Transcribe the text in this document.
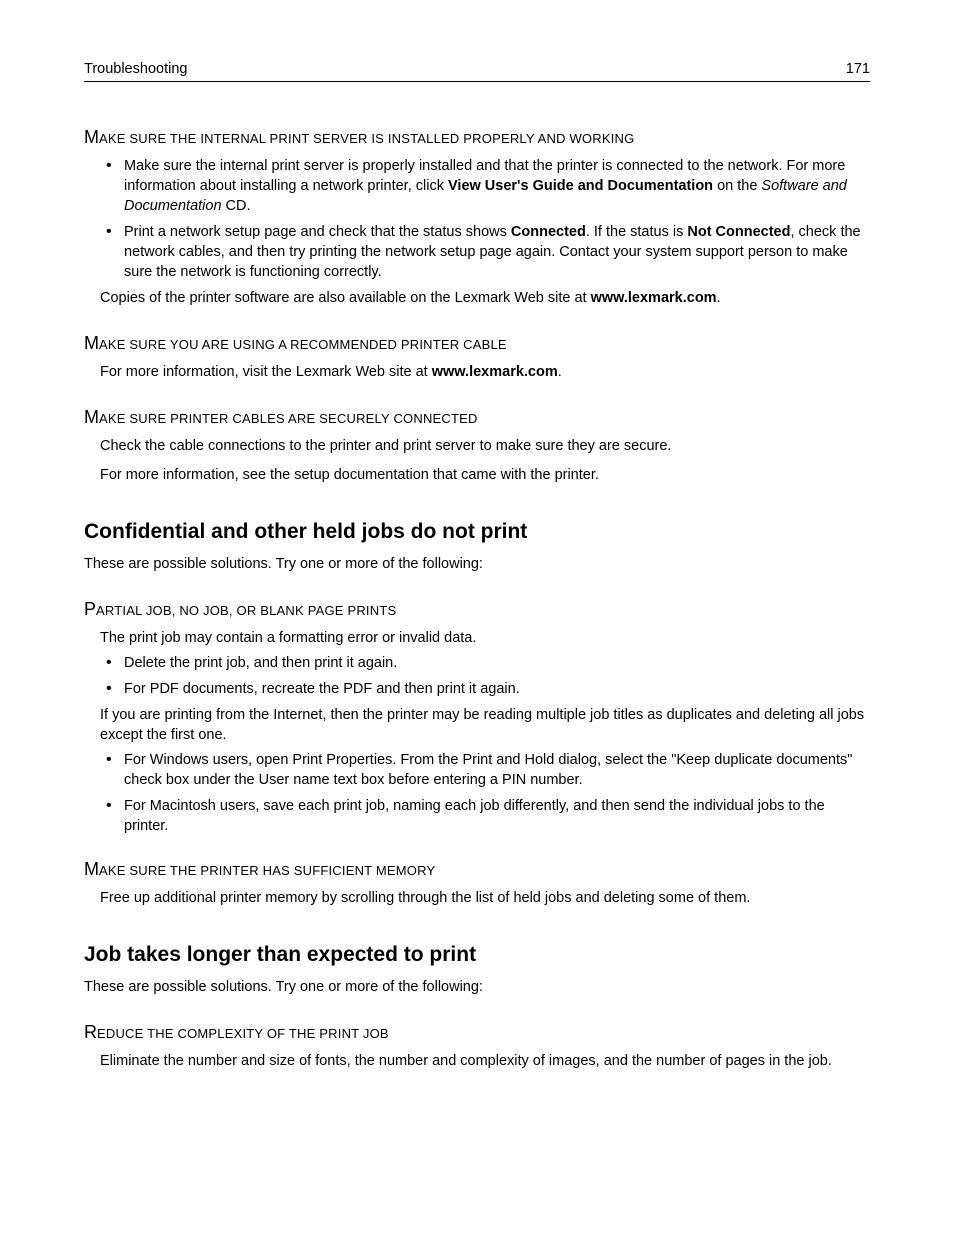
Troubleshooting	171
MAKE SURE THE INTERNAL PRINT SERVER IS INSTALLED PROPERLY AND WORKING
• Make sure the internal print server is properly installed and that the printer is connected to the network. For more information about installing a network printer, click View User's Guide and Documentation on the Software and Documentation CD.
• Print a network setup page and check that the status shows Connected. If the status is Not Connected, check the network cables, and then try printing the network setup page again. Contact your system support person to make sure the network is functioning correctly.

Copies of the printer software are also available on the Lexmark Web site at www.lexmark.com.

MAKE SURE YOU ARE USING A RECOMMENDED PRINTER CABLE

For more information, visit the Lexmark Web site at www.lexmark.com.

MAKE SURE PRINTER CABLES ARE SECURELY CONNECTED

Check the cable connections to the printer and print server to make sure they are secure.

For more information, see the setup documentation that came with the printer.

Confidential and other held jobs do not print

These are possible solutions. Try one or more of the following:

PARTIAL JOB, NO JOB, OR BLANK PAGE PRINTS

The print job may contain a formatting error or invalid data.

• Delete the print job, and then print it again.
• For PDF documents, recreate the PDF and then print it again.

If you are printing from the Internet, then the printer may be reading multiple job titles as duplicates and deleting all jobs except the first one.

• For Windows users, open Print Properties. From the Print and Hold dialog, select the "Keep duplicate documents" check box under the User name text box before entering a PIN number.
• For Macintosh users, save each print job, naming each job differently, and then send the individual jobs to the printer.
MAKE SURE THE PRINTER HAS SUFFICIENT MEMORY

Free up additional printer memory by scrolling through the list of held jobs and deleting some of them.

Job takes longer than expected to print

These are possible solutions. Try one or more of the following:

REDUCE THE COMPLEXITY OF THE PRINT JOB

Eliminate the number and size of fonts, the number and complexity of images, and the number of pages in the job.
